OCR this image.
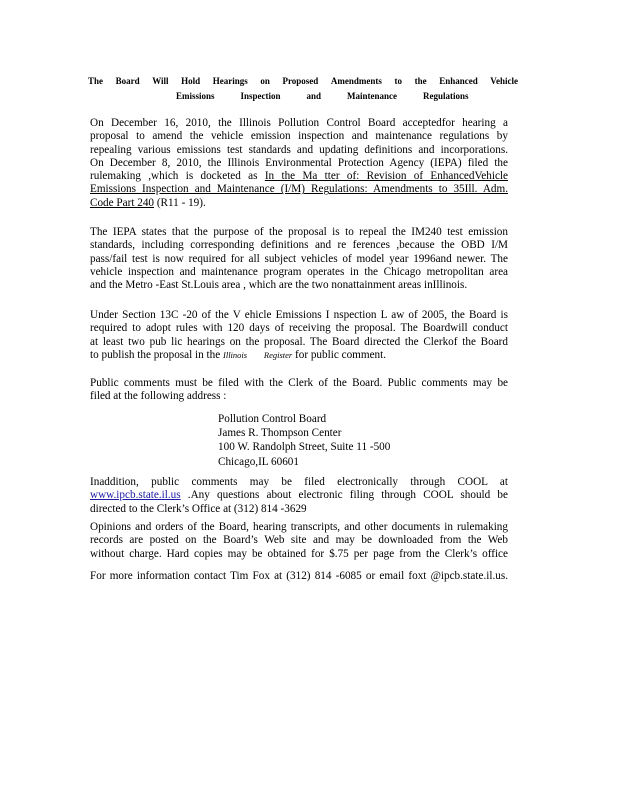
The Board Will Hold Hearings on Proposed Amendments to the Enhanced Vehicle
Emissions	Inspection	and	Maintenance	Regulations
On December 16, 2010, the Illinois Pollution Control Board acceptedfor hearing a
proposal to amend the vehicle emission inspection and maintenance regulations by
repealing various emissions test standards and updating definitions and incorporations.
On December 8, 2010, the Illinois Environmental Protection Agency (IEPA) filed the
rulemaking ,which is docketed as In the Ma tter of: Revision of EnhancedVehicle
Emissions Inspection and Maintenance (I/M) Regulations: Amendments to 35Ill. Adm.
Code Part 240 (R11 - 19).
The IEPA states that the purpose of the proposal is to repeal the IM240 test emission
standards, including corresponding definitions and re ferences ,because the OBD I/M
pass/fail test is now required for all subject vehicles of model year 1996and newer. The
vehicle inspection and maintenance program operates in the Chicago metropolitan area
and the Metro -East St.Louis area , which are the two nonattainment areas inIllinois.
Under Section 13C -20 of the V ehicle Emissions I nspection L aw of 2005, the Board is
required to adopt rules with 120 days of receiving the proposal. The Boardwill conduct
at least two pub lic hearings on the proposal. The Board directed the Clerkof the Board
to publish the proposal in the Illinois Register for public comment.
Public comments must be filed with the Clerk of the Board. Public comments may be
filed at the following address :
Pollution Control Board
James R. Thompson Center
100 W. Randolph Street, Suite 11 -500
Chicago,IL 60601
Inaddition, public comments may be filed electronically through COOL at
www.ipcb.state.il.us .Any questions about electronic filing through COOL should be
directed to the Clerk’s Office at (312) 814 -3629
Opinions and orders of the Board, hearing transcripts, and other documents in rulemaking
records are posted on the Board’s Web site and may be downloaded from the Web
without charge. Hard copies may be obtained for $.75 per page from the Clerk’s office
For more information contact Tim Fox at (312) 814 -6085 or email foxt @ipcb.state.il.us.
